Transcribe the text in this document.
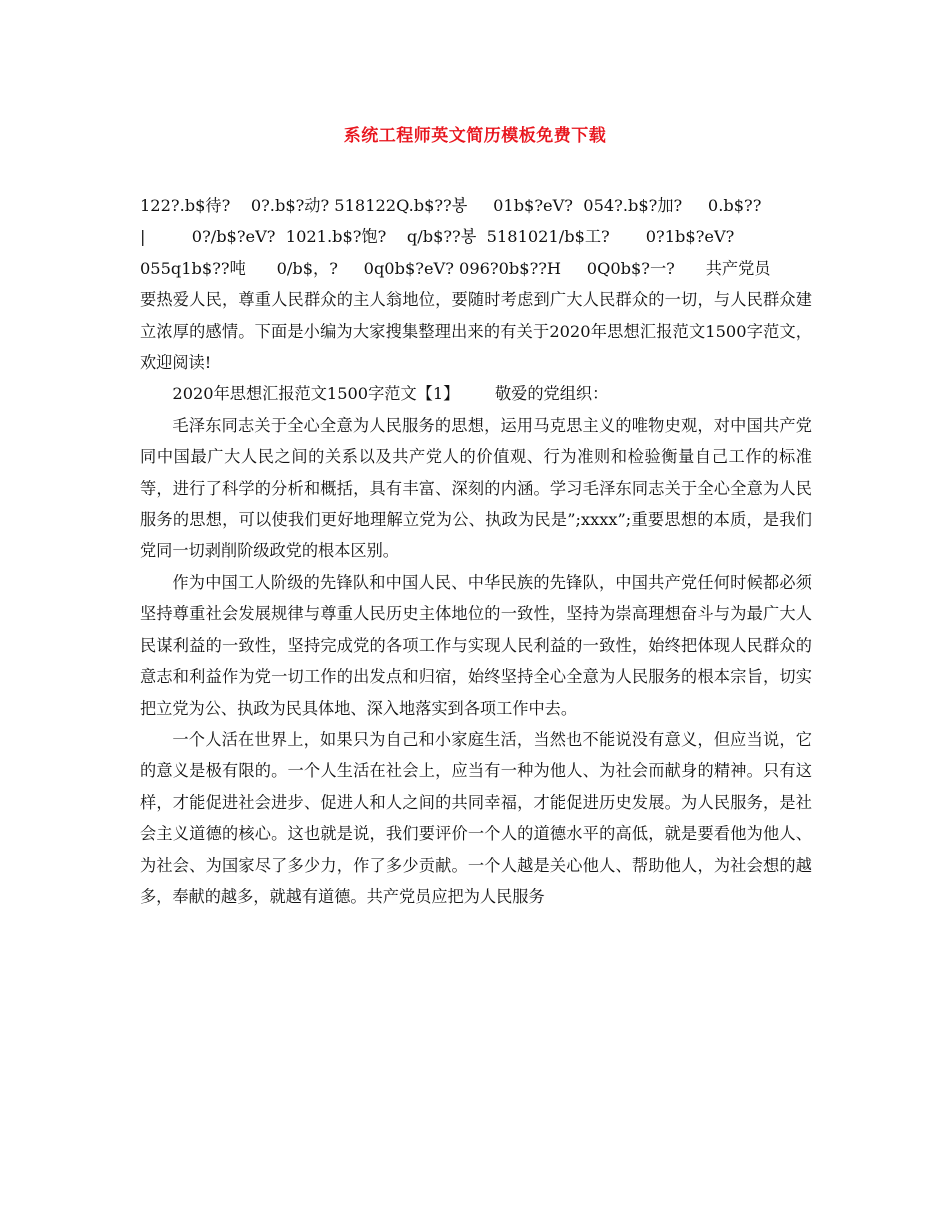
系统工程师英文简历模板免费下载

122?.b$待?    0?.b$?动? 518122Q.b$??봉     01b$?eV?  054?.b$?加?     0.b$??

|         0?/b$?eV?  1021.b$?饱?    q/b$??봉  5181021/b$工?       0?1b$?eV?

055q1b$??吨      0/b$，?     0q0b$?eV? 096?0b$??H     0Q0b$?一?      共产党员

要热爱人民，尊重人民群众的主人翁地位，要随时考虑到广大人民群众的一切，与人民群众建立浓厚的感情。下面是小编为大家搜集整理出来的有关于2020年思想汇报范文1500字范文，欢迎阅读!

2020年思想汇报范文1500字范文【1】 敬爱的党组织：

毛泽东同志关于全心全意为人民服务的思想，运用马克思主义的唯物史观，对中国共产党同中国最广大人民之间的关系以及共产党人的价值观、行为准则和检验衡量自己工作的标准等，进行了科学的分析和概括，具有丰富、深刻的内涵。学习毛泽东同志关于全心全意为人民服务的思想，可以使我们更好地理解立党为公、执政为民是”;xxxx”;重要思想的本质，是我们党同一切剥削阶级政党的根本区别。

作为中国工人阶级的先锋队和中国人民、中华民族的先锋队，中国共产党任何时候都必须坚持尊重社会发展规律与尊重人民历史主体地位的一致性，坚持为崇高理想奋斗与为最广大人民谋利益的一致性，坚持完成党的各项工作与实现人民利益的一致性，始终把体现人民群众的意志和利益作为党一切工作的出发点和归宿，始终坚持全心全意为人民服务的根本宗旨，切实把立党为公、执政为民具体地、深入地落实到各项工作中去。

一个人活在世界上，如果只为自己和小家庭生活，当然也不能说没有意义，但应当说，它的意义是极有限的。一个人生活在社会上，应当有一种为他人、为社会而献身的精神。只有这样，才能促进社会进步、促进人和人之间的共同幸福，才能促进历史发展。为人民服务，是社会主义道德的核心。这也就是说，我们要评价一个人的道德水平的高低，就是要看他为他人、为社会、为国家尽了多少力，作了多少贡献。一个人越是关心他人、帮助他人，为社会想的越多，奉献的越多，就越有道德。共产党员应把为人民服务
